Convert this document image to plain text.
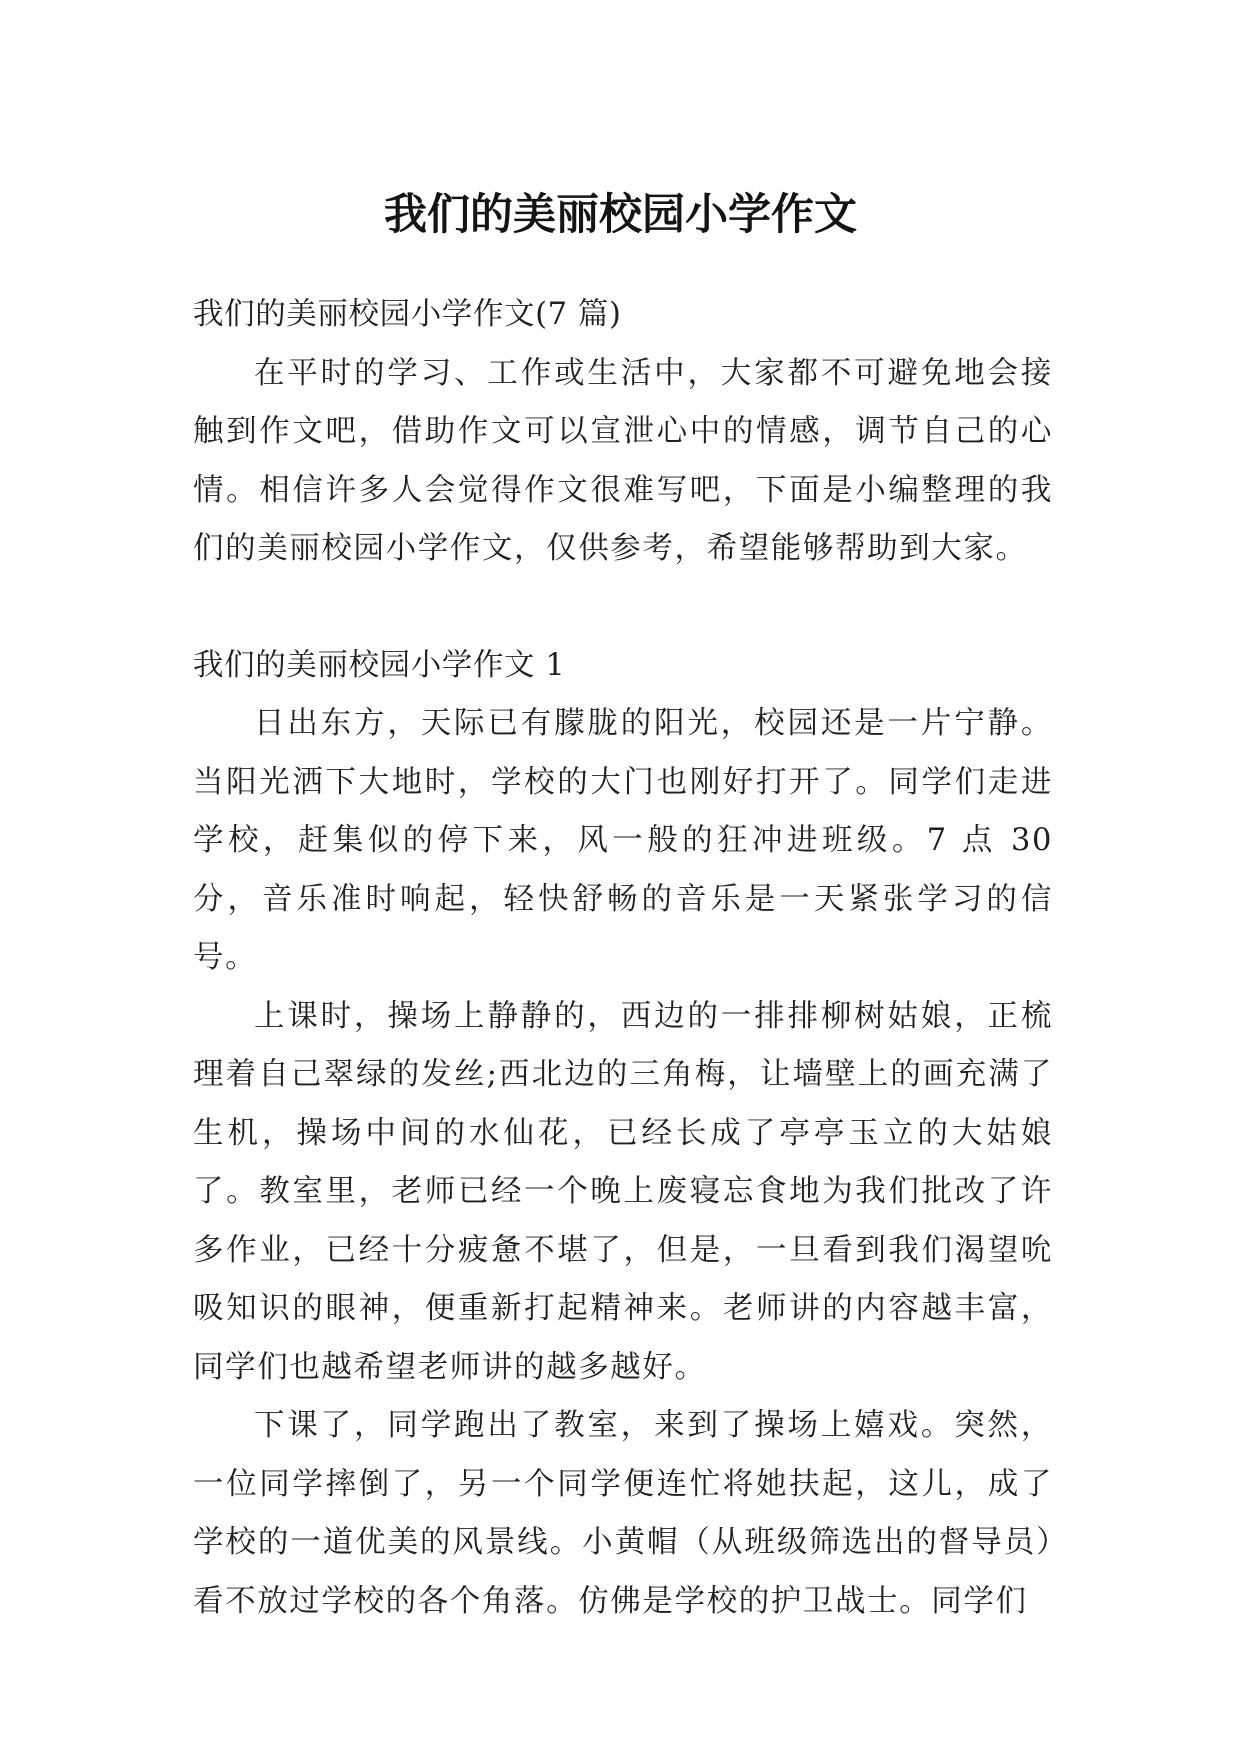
我们的美丽校园小学作文

我们的美丽校园小学作文(7 篇)

在平时的学习、工作或生活中，大家都不可避免地会接触到作文吧，借助作文可以宣泄心中的情感，调节自己的心情。相信许多人会觉得作文很难写吧，下面是小编整理的我们的美丽校园小学作文，仅供参考，希望能够帮助到大家。

我们的美丽校园小学作文 1

日出东方，天际已有朦胧的阳光，校园还是一片宁静。当阳光洒下大地时，学校的大门也刚好打开了。同学们走进学校，赶集似的停下来，风一般的狂冲进班级。7 点 30 分，音乐准时响起，轻快舒畅的音乐是一天紧张学习的信号。

上课时，操场上静静的，西边的一排排柳树姑娘，正梳理着自己翠绿的发丝;西北边的三角梅，让墙壁上的画充满了生机，操场中间的水仙花，已经长成了亭亭玉立的大姑娘了。教室里，老师已经一个晚上废寝忘食地为我们批改了许多作业，已经十分疲惫不堪了，但是，一旦看到我们渴望吮吸知识的眼神，便重新打起精神来。老师讲的内容越丰富，同学们也越希望老师讲的越多越好。

下课了，同学跑出了教室，来到了操场上嬉戏。突然，一位同学摔倒了，另一个同学便连忙将她扶起，这儿，成了学校的一道优美的风景线。小黄帽（从班级筛选出的督导员）看不放过学校的各个角落。仿佛是学校的护卫战士。同学们
